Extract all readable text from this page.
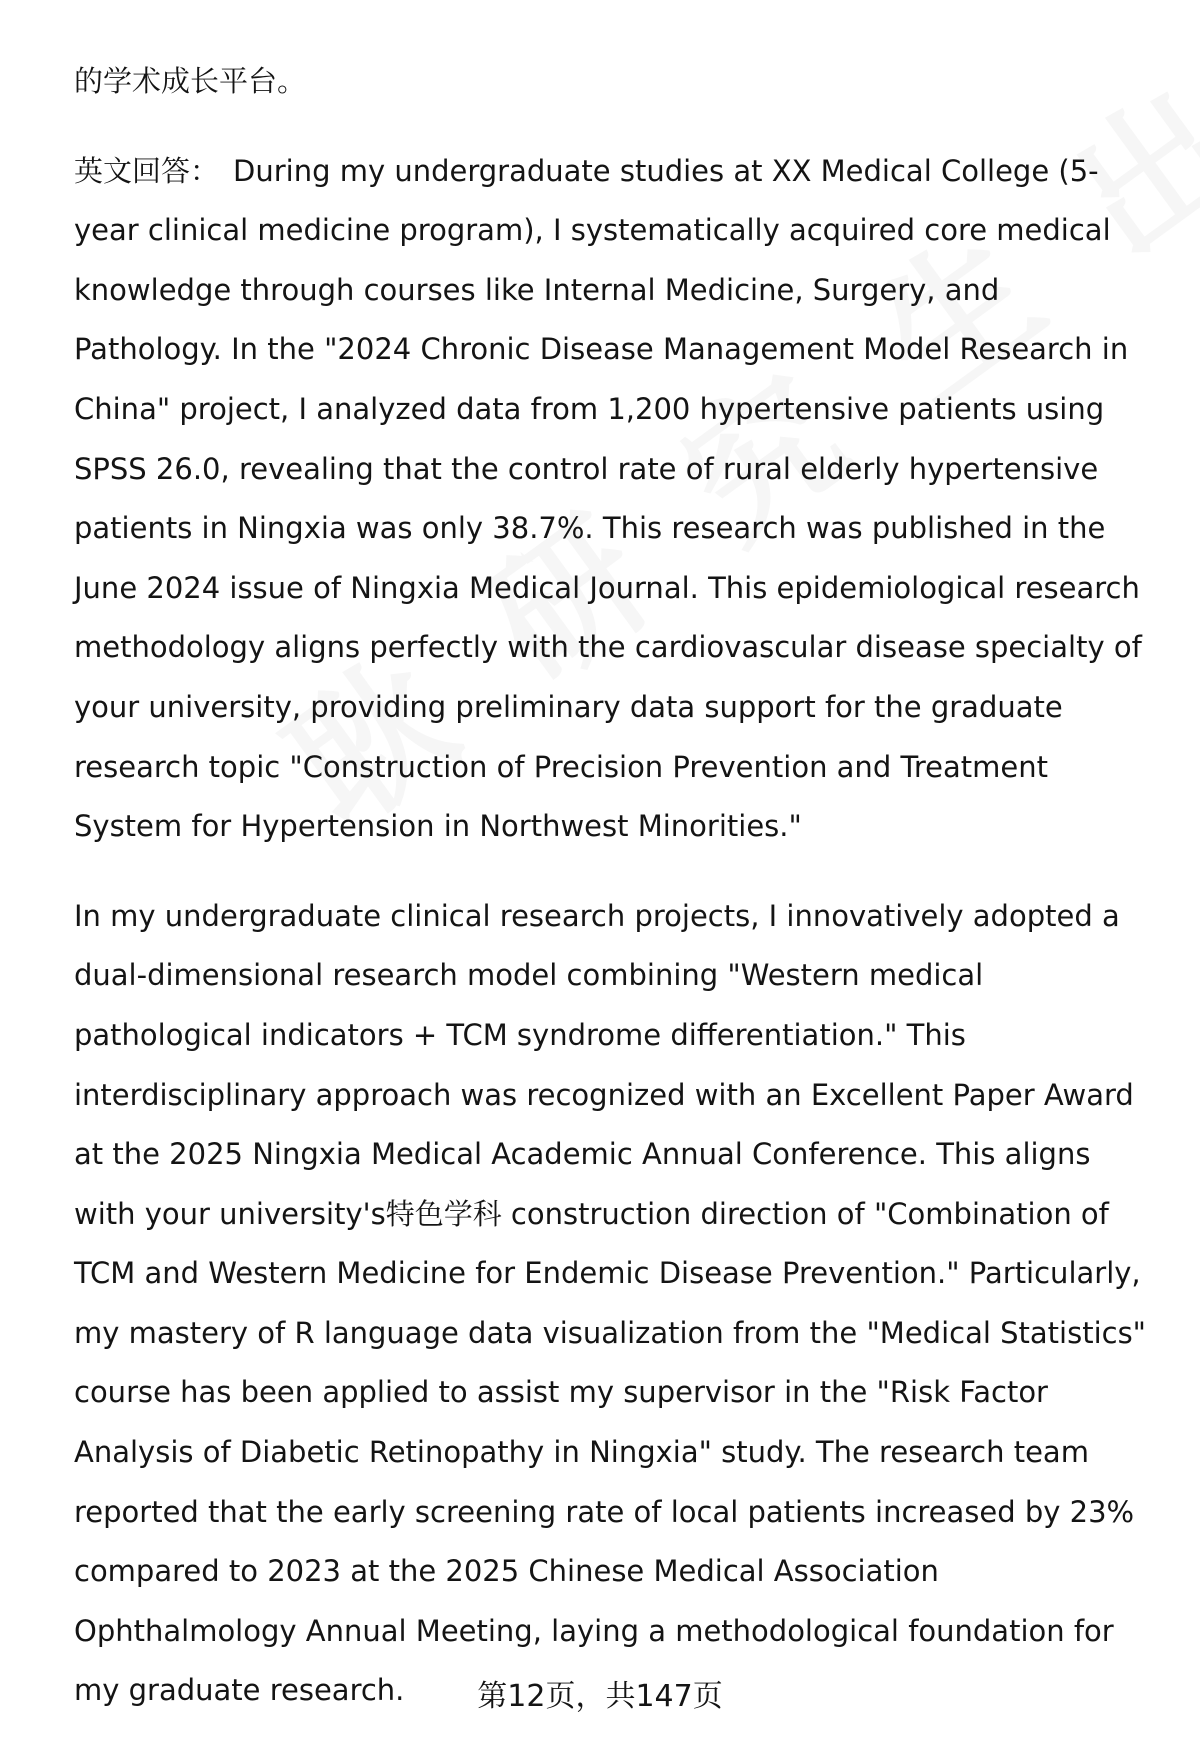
的学术成长平台。

英文回答： During my undergraduate studies at XX Medical College (5-year clinical medicine program), I systematically acquired core medical knowledge through courses like Internal Medicine, Surgery, and Pathology. In the "2024 Chronic Disease Management Model Research in China" project, I analyzed data from 1,200 hypertensive patients using SPSS 26.0, revealing that the control rate of rural elderly hypertensive patients in Ningxia was only 38.7%. This research was published in the June 2024 issue of Ningxia Medical Journal. This epidemiological research methodology aligns perfectly with the cardiovascular disease specialty of your university, providing preliminary data support for the graduate research topic "Construction of Precision Prevention and Treatment System for Hypertension in Northwest Minorities."

In my undergraduate clinical research projects, I innovatively adopted a dual-dimensional research model combining "Western medical pathological indicators + TCM syndrome differentiation." This interdisciplinary approach was recognized with an Excellent Paper Award at the 2025 Ningxia Medical Academic Annual Conference. This aligns with your university's特色学科 construction direction of "Combination of TCM and Western Medicine for Endemic Disease Prevention." Particularly, my mastery of R language data visualization from the "Medical Statistics" course has been applied to assist my supervisor in the "Risk Factor Analysis of Diabetic Retinopathy in Ningxia" study. The research team reported that the early screening rate of local patients increased by 23% compared to 2023 at the 2025 Chinese Medical Association Ophthalmology Annual Meeting, laying a methodological foundation for my graduate research.	第12页，共147页
